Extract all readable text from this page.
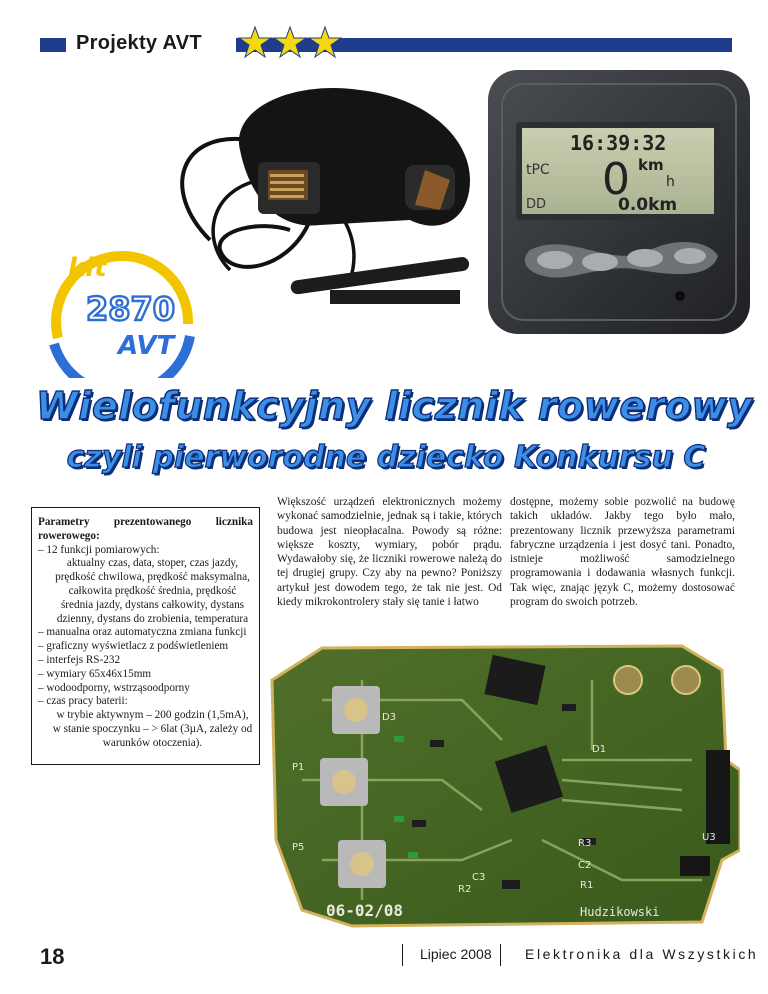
Projekty AVT
16:39:32
tPC 0 km
h
DD	0.0km
kit
2870
AVT
Wielofunkcyjny licznik rowerowy
czyli pierworodne dziecko Konkursu C
Parametry prezentowanego licznika rowerowego:
– 12 funkcji pomiarowych:
aktualny czas, data, stoper, czas jazdy, prędkość chwilowa, prędkość maksymalna, całkowita prędkość średnia, prędkość średnia jazdy, dystans całkowity, dystans dzienny, dystans do zrobienia, temperatura
– manualna oraz automatyczna zmiana funkcji
– graficzny wyświetlacz z podświetleniem
– interfejs RS-232
– wymiary 65x46x15mm
– wodoodporny, wstrząsoodporny
– czas pracy baterii:
w trybie aktywnym – 200 godzin (1,5mA), w stanie spoczynku – > 6lat (3µA, zależy od warunków otoczenia).
Większość urządzeń elektronicznych możemy wykonać samodzielnie, jednak są i takie, których budowa jest nieopłacalna. Powody są różne: większe koszty, wymiary, pobór prądu. Wydawałoby się, że liczniki rowerowe należą do tej drugiej grupy. Czy aby na pewno? Poniższy artykuł jest dowodem tego, że tak nie jest. Od kiedy mikrokontrolery stały się tanie i łatwo
dostępne, możemy sobie pozwolić na budowę takich układów. Jakby tego było mało, prezentowany licznik przewyższa parametrami fabryczne urządzenia i jest dosyć tani. Ponadto, istnieje możliwość samodzielnego programowania i dodawania własnych funkcji. Tak więc, znając język C, możemy dostosować program do swoich potrzeb.
P1
P5
D1
D3
R1
R2
R3
C2
C3
U3
06-02/08	Hudzikowski
18	Lipiec 2008 Elektronika dla Wszystkich
